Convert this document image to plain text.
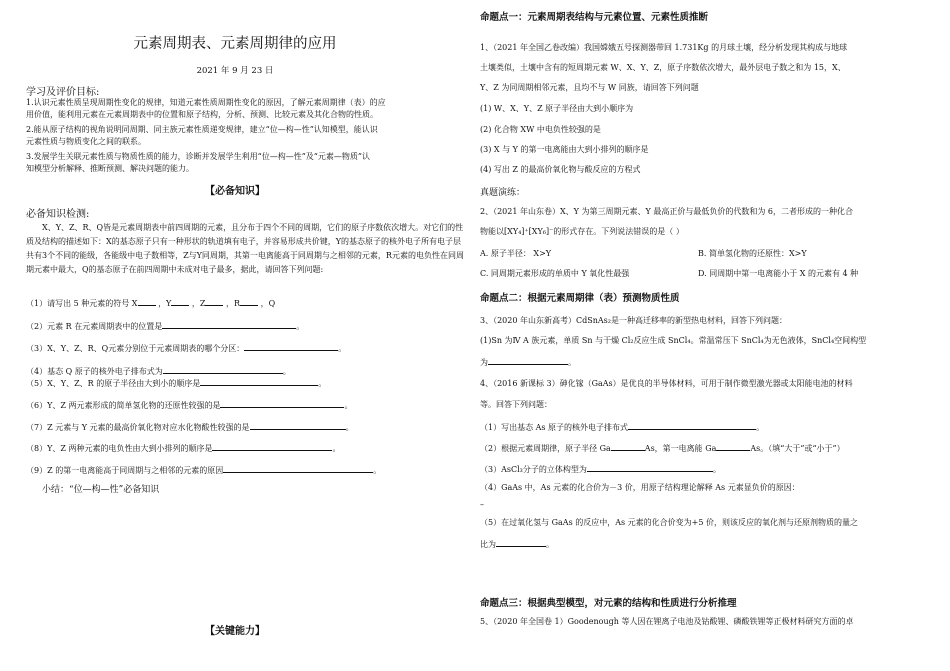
元素周期表、元素周期律的应用
2021 年 9 月 23 日
学习及评价目标:
1.认识元素性质呈现周期性变化的规律，知道元素性质周期性变化的原因，了解元素周期律（表）的应
用价值，能利用元素在元素周期表中的位置和原子结构，分析、预测、比较元素及其化合物的性质。
2.能从原子结构的视角说明同周期、同主族元素性质递变规律，建立“位—构—性”认知模型，能认识
元素性质与物质变化之间的联系。
3.发展学生关联元素性质与物质性质的能力，诊断并发展学生利用“位—构—性”及“元素—物质”认
知模型分析解释、推断预测、解决问题的能力。
【必备知识】
必备知识检测:
X、Y、Z、R、Q皆是元素周期表中前四周期的元素，且分布于四个不同的周期，它们的原子序数依次增大。对它们的性质及结构的描述如下：X的基态原子只有一种形状的轨道填有电子，并容易形成共价键，Y的基态原子的核外电子所有电子层共有3个不同的能级，各能级中电子数相等，Z与Y同周期，其第一电离能高于同周期与之相邻的元素，R元素的电负性在同周期元素中最大，Q的基态原子在前四周期中未成对电子最多，据此，请回答下列问题:
（1）请写出 5 种元素的符号 X	，Y	，Z	，R	，Q
（2）元素 R 在元素周期表中的位置是	。
（3）X、Y、Z、R、Q元素分别位于元素周期表的哪个分区：	。
（4）基态 Q 原子的核外电子排布式为	。
（5）X、Y、Z、R 的原子半径由大到小的顺序是	。
（6）Y、Z 两元素形成的简单氢化物的还原性较强的是	。
（7）Z 元素与 Y 元素的最高价氧化物对应水化物酸性较强的是	。
（8）Y、Z 两种元素的电负性由大到小排列的顺序是	。
（9）Z 的第一电离能高于同周期与之相邻的元素的原因	。
小结：“位—构—性”必备知识
【关键能力】
命题点一：元素周期表结构与元素位置、元素性质推断
1、（2021 年全国乙卷改编）我国嫦娥五号探测器带回 1.731Kg 的月球土壤，经分析发现其构成与地球
土壤类似，土壤中含有的短周期元素 W、X、Y、Z，原子序数依次增大，最外层电子数之和为 15，X、
Y、Z 为同周期相邻元素，且均不与 W 同族，请回答下列问题
(1) W、X、Y、Z 原子半径由大到小顺序为
(2) 化合物 XW 中电负性较强的是
(3) X 与 Y 的第一电离能由大到小排列的顺序是
(4) 写出 Z 的最高价氧化物与酸反应的方程式
真题演练：
2、（2021 年山东卷）X、Y 为第三周期元素、Y 最高正价与最低负价的代数和为 6，二者形成的一种化合
物能以[XY₄]⁺[XY₆]⁻的形式存在。下列说法错误的是（ ）
A. 原子半径： X>Y	B. 简单氢化物的还原性：X>Y
C. 同周期元素形成的单质中 Y 氧化性最强	D. 同周期中第一电离能小于 X 的元素有 4 种
命题点二：根据元素周期律（表）预测物质性质
3、（2020 年山东新高考）CdSnAs₂是一种高迁移率的新型热电材料，回答下列问题：
(1)Sn 为Ⅳ A 族元素，单质 Sn 与干燥 Cl₂反应生成 SnCl₄。常温常压下 SnCl₄为无色液体，SnCl₄空间构型
为	。
4、（2016 新课标 3）砷化镓（GaAs）是优良的半导体材料，可用于制作微型激光器或太阳能电池的材料
等。回答下列问题：
（1）写出基态 As 原子的核外电子排布式	。
（2）根据元素周期律，原子半径 Ga	As，第一电离能 Ga	As。（填“大于”或“小于”）
（3）AsCl₃分子的立体构型为	。
（4）GaAs 中，As 元素的化合价为－3 价，用原子结构理论解释 As 元素显负价的原因：
–
（5）在过氧化氢与 GaAs 的反应中，As 元素的化合价变为+5 价，则该反应的氧化剂与还原剂物质的量之
比为	。
命题点三：根据典型模型，对元素的结构和性质进行分析推理
5、（2020 年全国卷 1）Goodenough 等人因在锂离子电池及钴酸锂、磷酸铁锂等正极材料研究方面的卓
